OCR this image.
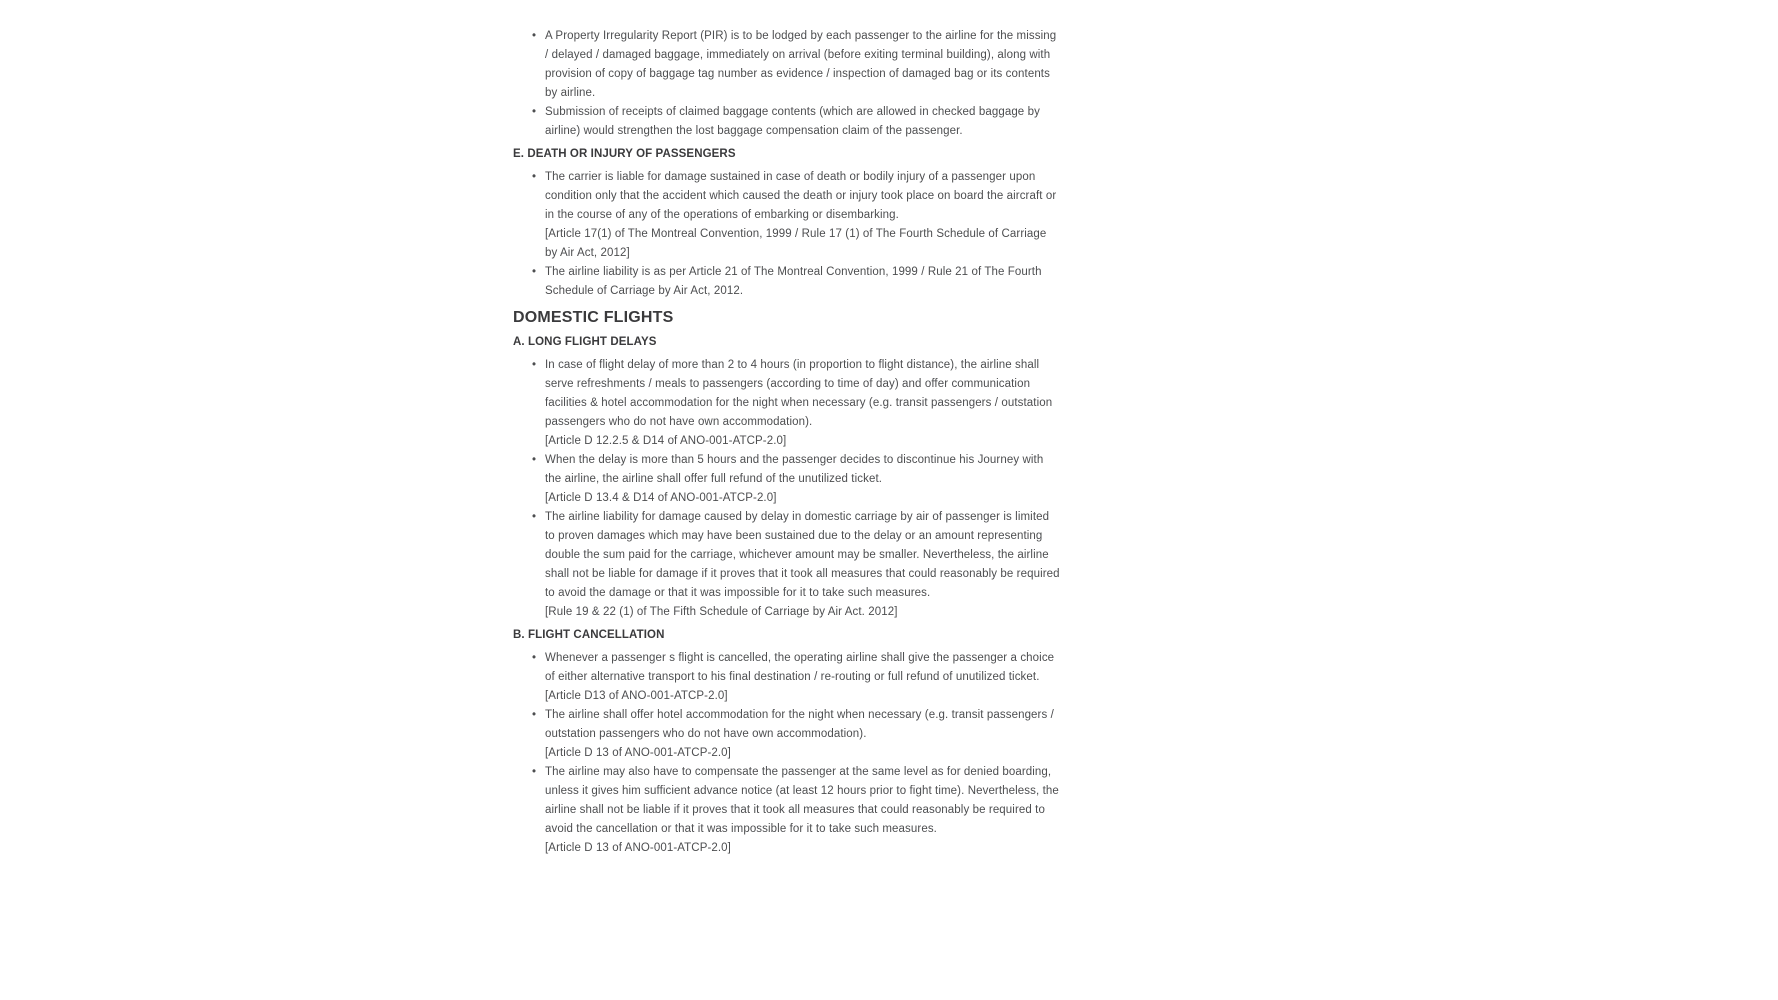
• A Property Irregularity Report (PIR) is to be lodged by each passenger to the airline for the missing / delayed / damaged baggage, immediately on arrival (before exiting terminal building), along with provision of copy of baggage tag number as evidence / inspection of damaged bag or its contents by airline.
• Submission of receipts of claimed baggage contents (which are allowed in checked baggage by airline) would strengthen the lost baggage compensation claim of the passenger.
E. DEATH OR INJURY OF PASSENGERS
• The carrier is liable for damage sustained in case of death or bodily injury of a passenger upon condition only that the accident which caused the death or injury took place on board the aircraft or in the course of any of the operations of embarking or disembarking.
[Article 17(1) of The Montreal Convention, 1999 / Rule 17 (1) of The Fourth Schedule of Carriage by Air Act, 2012]
• The airline liability is as per Article 21 of The Montreal Convention, 1999 / Rule 21 of The Fourth Schedule of Carriage by Air Act, 2012.
DOMESTIC FLIGHTS
A. LONG FLIGHT DELAYS
• In case of flight delay of more than 2 to 4 hours (in proportion to flight distance), the airline shall serve refreshments / meals to passengers (according to time of day) and offer communication facilities & hotel accommodation for the night when necessary (e.g. transit passengers / outstation passengers who do not have own accommodation).
[Article D 12.2.5 & D14 of ANO-001-ATCP-2.0]
• When the delay is more than 5 hours and the passenger decides to discontinue his Journey with the airline, the airline shall offer full refund of the unutilized ticket.
[Article D 13.4 & D14 of ANO-001-ATCP-2.0]
• The airline liability for damage caused by delay in domestic carriage by air of passenger is limited to proven damages which may have been sustained due to the delay or an amount representing double the sum paid for the carriage, whichever amount may be smaller. Nevertheless, the airline shall not be liable for damage if it proves that it took all measures that could reasonably be required to avoid the damage or that it was impossible for it to take such measures.
[Rule 19 & 22 (1) of The Fifth Schedule of Carriage by Air Act. 2012]
B. FLIGHT CANCELLATION
• Whenever a passenger s flight is cancelled, the operating airline shall give the passenger a choice of either alternative transport to his final destination / re-routing or full refund of unutilized ticket.
[Article D13 of ANO-001-ATCP-2.0]
• The airline shall offer hotel accommodation for the night when necessary (e.g. transit passengers / outstation passengers who do not have own accommodation).
[Article D 13 of ANO-001-ATCP-2.0]
• The airline may also have to compensate the passenger at the same level as for denied boarding, unless it gives him sufficient advance notice (at least 12 hours prior to fight time). Nevertheless, the airline shall not be liable if it proves that it took all measures that could reasonably be required to avoid the cancellation or that it was impossible for it to take such measures.
[Article D 13 of ANO-001-ATCP-2.0]
